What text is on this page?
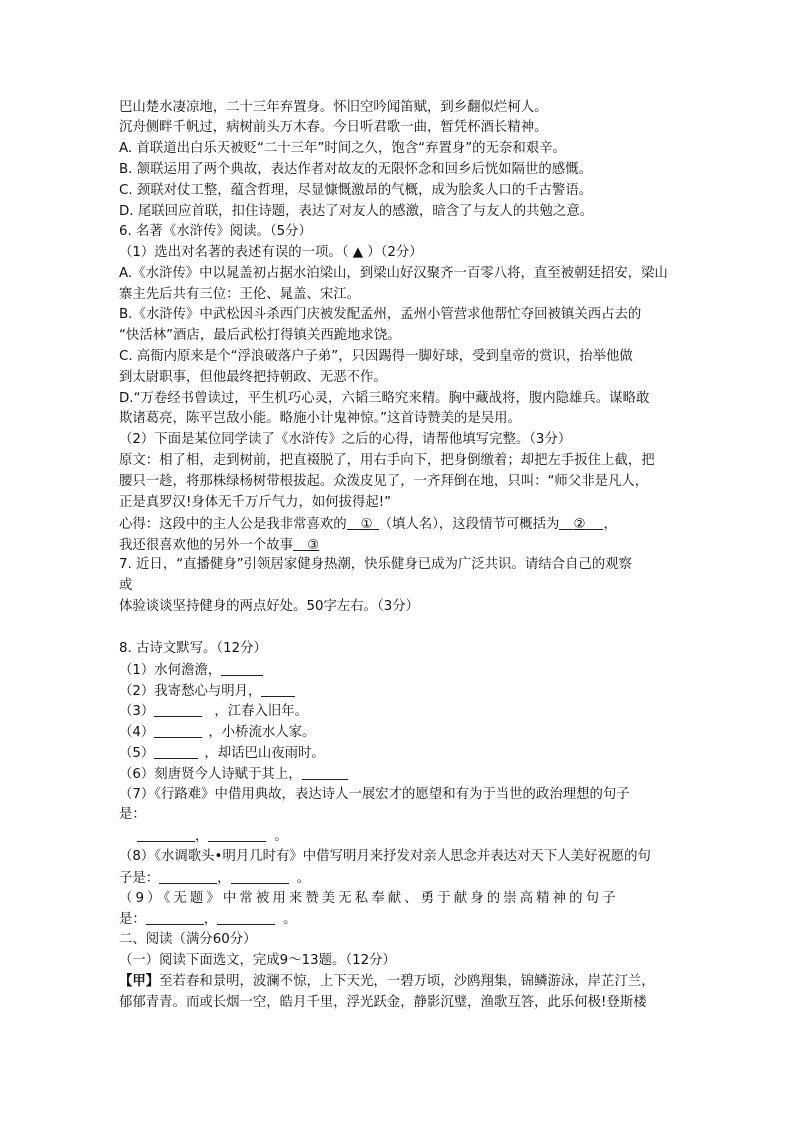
巴山楚水凄凉地，二十三年弃置身。怀旧空吟闻笛赋，到乡翻似烂柯人。
沉舟侧畔千帆过，病树前头万木春。今日听君歌一曲，暂凭杯酒长精神。
A. 首联道出白乐天被贬“二十三年”时间之久，饱含“弃置身”的无奈和艰辛。
B. 颔联运用了两个典故，表达作者对故友的无限怀念和回乡后恍如隔世的感慨。
C. 颈联对仗工整，蕴含哲理，尽显慷慨激昂的气概，成为脍炙人口的千古警语。
D. 尾联回应首联，扣住诗题，表达了对友人的感激，暗含了与友人的共勉之意。
6. 名著《水浒传》阅读。（5分）
（1）选出对名著的表述有误的一项。（ ▲ ）（2分）
A.《水浒传》中以晁盖初占据水泊梁山，到梁山好汉聚齐一百零八将，直至被朝廷招安，梁山
寨主先后共有三位：王伦、晁盖、宋江。
B.《水浒传》中武松因斗杀西门庆被发配孟州，孟州小管营求他帮忙夺回被镇关西占去的
“快活林”酒店，最后武松打得镇关西跪地求饶。
C. 高衙内原来是个“浮浪破落户子弟”，只因踢得一脚好球，受到皇帝的赏识，抬举他做
到太尉职事，但他最终把持朝政、无恶不作。
D.“万卷经书曾读过，平生机巧心灵，六韬三略究来精。胸中藏战将，腹内隐雄兵。谋略敢
欺诸葛亮，陈平岂敌小能。略施小计鬼神惊。”这首诗赞美的是吴用。
（2）下面是某位同学读了《水浒传》之后的心得，请帮他填写完整。（3分）
原文：相了相，走到树前，把直裰脱了，用右手向下，把身倒缴着；却把左手扳住上截，把
腰只一趁，将那株绿杨树带根拔起。众泼皮见了，一齐拜倒在地，只叫：“师父非是凡人，
正是真罗汉!身体无千万斤气力，如何拔得起!”
心得：这段中的主人公是我非常喜欢的 ① （填人名），这段情节可概括为 ② ，
我还很喜欢他的另外一个故事 ③
7. 近日，“直播健身”引领居家健身热潮，快乐健身已成为广泛共识。请结合自己的观察
或
体验谈谈坚持健身的两点好处。50字左右。（3分）
8. 古诗文默写。（12分）
（1）水何澹澹，
（2）我寄愁心与明月，
（3）	，江春入旧年。
（4）	，小桥流水人家。
（5）	，却话巴山夜雨时。
（6）刻唐贤今人诗赋于其上，
（7）《行路难》中借用典故，表达诗人一展宏才的愿望和有为于当世的政治理想的句子
是：
，	。
（8）《水调歌头•明月几时有》中借写明月来抒发对亲人思念并表达对天下人美好祝愿的句
子是：	，	。
（9）《无题》中常被用来赞美无私奉献、勇于献身的崇高精神的句子
是：	，	。
二、阅读（满分60分）
（一）阅读下面选文，完成9～13题。（12分）
【甲】至若春和景明，波澜不惊，上下天光，一碧万顷，沙鸥翔集，锦鳞游泳，岸芷汀兰，
郁郁青青。而或长烟一空，皓月千里，浮光跃金，静影沉璧，渔歌互答，此乐何极!登斯楼
